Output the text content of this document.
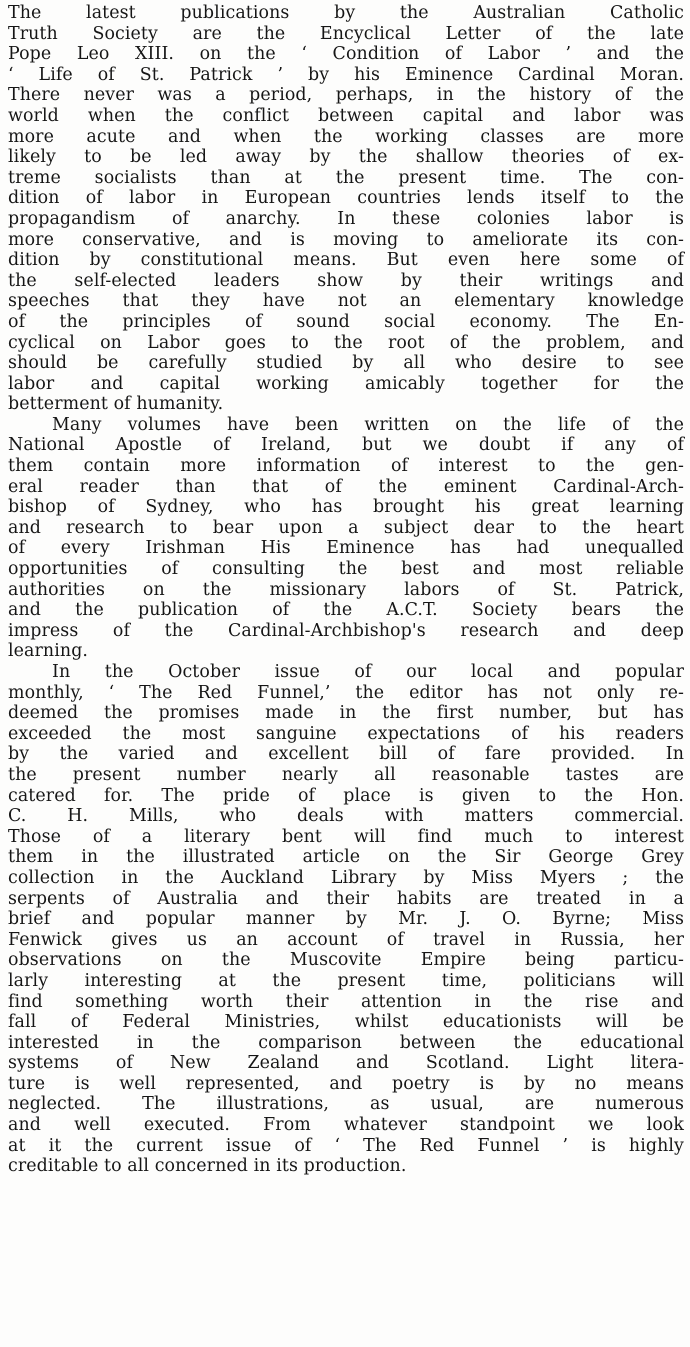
The latest publications by the Australian Catholic
Truth Society are the Encyclical Letter of the late
Pope Leo XIII. on the ‘ Condition of Labor ’ and the
‘ Life of St. Patrick ’ by his Eminence Cardinal Moran.
There never was a period, perhaps, in the history of the
world when the conflict between capital and labor was
more acute and when the working classes are more
likely to be led away by the shallow theories of ex-
treme socialists than at the present time. The con-
dition of labor in European countries lends itself to the
propagandism of anarchy. In these colonies labor is
more conservative, and is moving to ameliorate its con-
dition by constitutional means. But even here some of
the self-elected leaders show by their writings and
speeches that they have not an elementary knowledge
of the principles of sound social economy. The En-
cyclical on Labor goes to the root of the problem, and
should be carefully studied by all who desire to see
labor and capital working amicably together for the
betterment of humanity.
Many volumes have been written on the life of the
National Apostle of Ireland, but we doubt if any of
them contain more information of interest to the gen-
eral reader than that of the eminent Cardinal-Arch-
bishop of Sydney, who has brought his great learning
and research to bear upon a subject dear to the heart
of every Irishman His Eminence has had unequalled
opportunities of consulting the best and most reliable
authorities on the missionary labors of St. Patrick,
and the publication of the A.C.T. Society bears the
impress of the Cardinal-Archbishop's research and deep
learning.
In the October issue of our local and popular
monthly, ‘ The Red Funnel,’ the editor has not only re-
deemed the promises made in the first number, but has
exceeded the most sanguine expectations of his readers
by the varied and excellent bill of fare provided. In
the present number nearly all reasonable tastes are
catered for. The pride of place is given to the Hon.
C. H. Mills, who deals with matters commercial.
Those of a literary bent will find much to interest
them in the illustrated article on the Sir George Grey
collection in the Auckland Library by Miss Myers ; the
serpents of Australia and their habits are treated in a
brief and popular manner by Mr. J. O. Byrne; Miss
Fenwick gives us an account of travel in Russia, her
observations on the Muscovite Empire being particu-
larly interesting at the present time, politicians will
find something worth their attention in the rise and
fall of Federal Ministries, whilst educationists will be
interested in the comparison between the educational
systems of New Zealand and Scotland. Light litera-
ture is well represented, and poetry is by no means
neglected. The illustrations, as usual, are numerous
and well executed. From whatever standpoint we look
at it the current issue of ‘ The Red Funnel ’ is highly
creditable to all concerned in its production.
